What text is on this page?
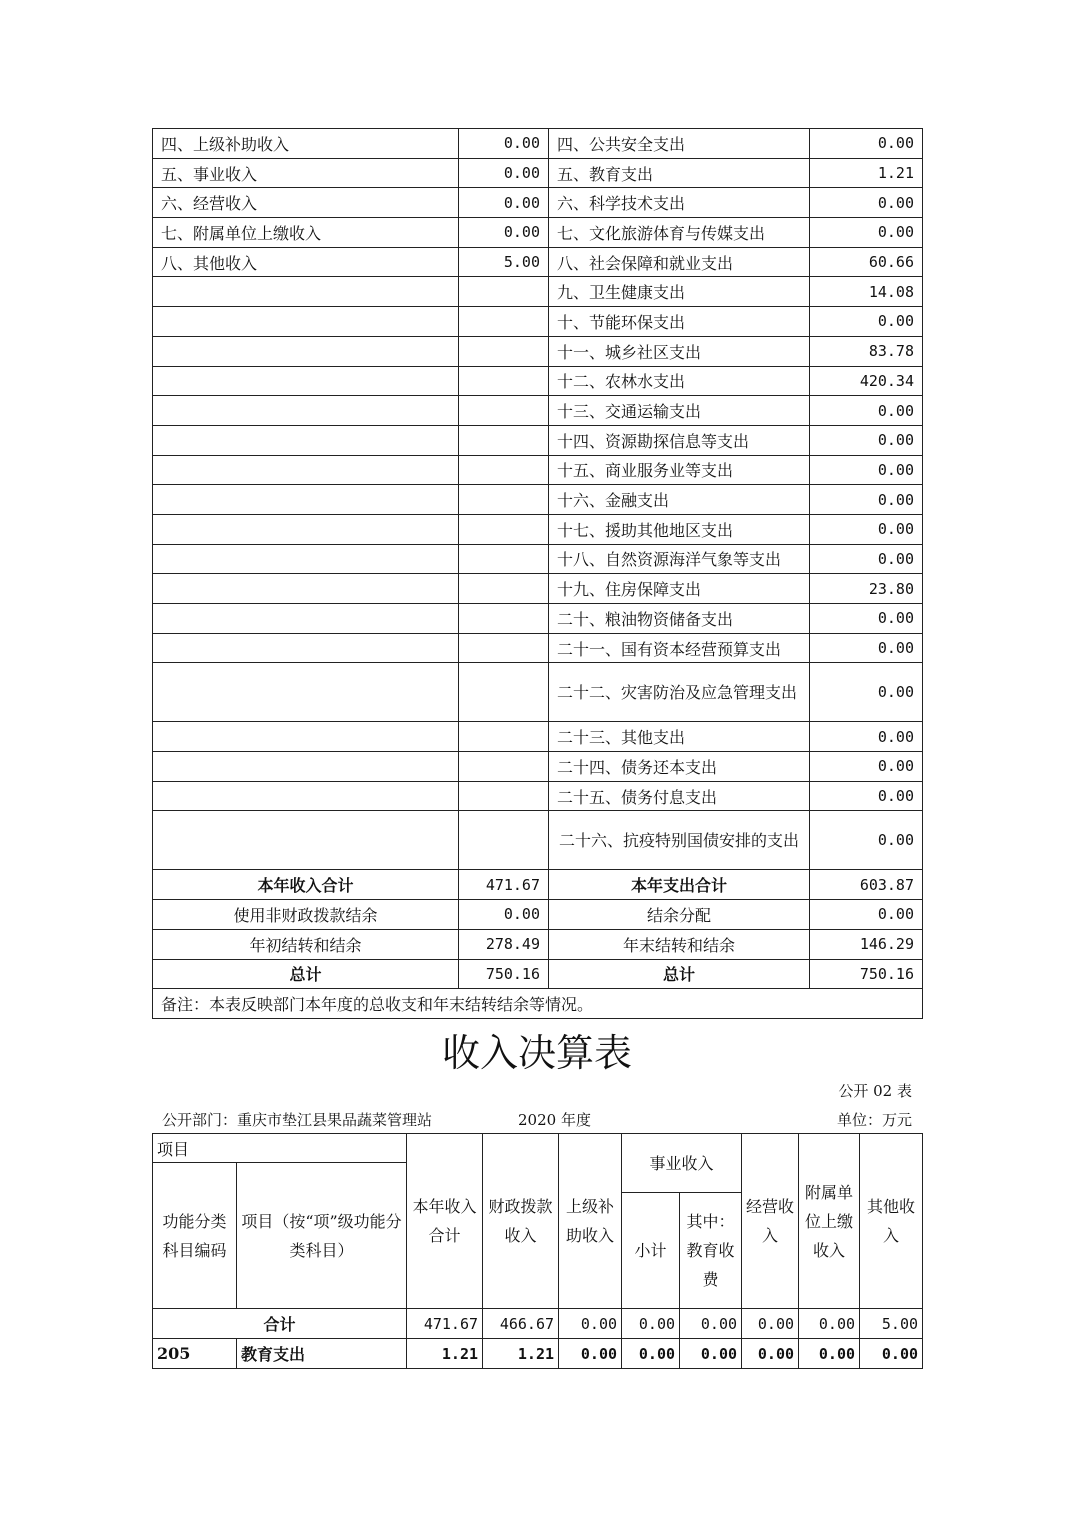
四、上级补助收入	0.00	四、公共安全支出	0.00
五、事业收入	0.00	五、教育支出	1.21
六、经营收入	0.00	六、科学技术支出	0.00
七、附属单位上缴收入	0.00	七、文化旅游体育与传媒支出	0.00
八、其他收入	5.00	八、社会保障和就业支出	60.66
		九、卫生健康支出	14.08
		十、节能环保支出	0.00
		十一、城乡社区支出	83.78
		十二、农林水支出	420.34
		十三、交通运输支出	0.00
		十四、资源勘探信息等支出	0.00
		十五、商业服务业等支出	0.00
		十六、金融支出	0.00
		十七、援助其他地区支出	0.00
		十八、自然资源海洋气象等支出	0.00
		十九、住房保障支出	23.80
		二十、粮油物资储备支出	0.00
		二十一、国有资本经营预算支出	0.00
		二十二、灾害防治及应急管理支出	0.00
		二十三、其他支出	0.00
		二十四、债务还本支出	0.00
		二十五、债务付息支出	0.00
		二十六、抗疫特别国债安排的支出	0.00
本年收入合计	471.67	本年支出合计	603.87
使用非财政拨款结余	0.00	结余分配	0.00
年初结转和结余	278.49	年末结转和结余	146.29
总计	750.16	总计	750.16
备注：本表反映部门本年度的总收支和年末结转结余等情况。			
收入决算表
公开 02 表
公开部门：重庆市垫江县果品蔬菜管理站	2020 年度	单位：万元
项目		本年收入合计	财政拨款收入	上级补助收入	事业收入		经营收入	附属单位上缴收入	其他收入
功能分类科目编码	项目（按“项”级功能分类科目）								
					小计	其中：教育收费			
合计		471.67	466.67	0.00	0.00	0.00	0.00	0.00	5.00
205	教育支出	1.21	1.21	0.00	0.00	0.00	0.00	0.00	0.00
